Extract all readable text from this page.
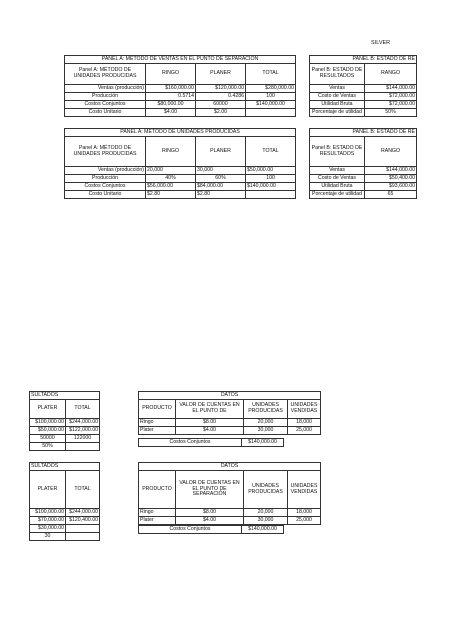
SILVER
PANEL A: MÉTODO DE VENTAS EN EL PUNTO DE SEPARACIÓN			
Panel A: MÉTODO DE UNIDADES PRODUCIDAS	RINGO	PLANER	TOTAL
Ventas (producción)	$160,000.00	$120,000.00	$280,000.00
Producción	0.5714	0.4286	100
Costos Conjuntos	$80,000.00	60000	$140,000.00
Costo Unitario	$4.00	$2.00	
PANEL B: ESTADO DE RE	
Panel B: ESTADO DE RESULTADOS	RANGO
Ventas	$144,000.00
Costo de Ventas	$72,000.00
Utilidad Bruta	$72,000.00
Porcentaje de utilidad	50%
PANEL A: MÉTODO DE UNIDADES PRODUCIDAS			
Panel A: MÉTODO DE UNIDADES PRODUCIDAS	RINGO	PLANER	TOTAL
Ventas (producción)	20,000	30,000	$50,000.00
Producción	40%	60%	100
Costos Conjuntos	$56,000.00	$84,000.00	$140,000.00
Costo Unitario	$2.80	$2.80	
PANEL B: ESTADO DE RE	
Panel B: ESTADO DE RESULTADOS	RANGO
Ventas	$144,000.00
Costo de Ventas	$50,400.00
Utilidad Bruta	$93,600.00
Porcentaje de utilidad	65
SULTADOS	
PLATER	TOTAL
$100,000.00	$244,000.00
$50,000.00	$122,000.00
50000	122000
50%	
DATOS			
PRODUCTO	VALOR DE CUENTAS EN EL PUNTO DE	UNIDADES PRODUCIDAS	UNIDADES VENDIDAS
Ringo	$8.00	20,000	18,000
Plater	$4.00	30,000	25,000
Costos Conjuntos	$140,000.00
SULTADOS	
PLATER	TOTAL
$100,000.00	$244,000.00
$70,000.00	$120,400.00
$30,000.00	
30	
DATOS			
PRODUCTO	VALOR DE CUENTAS EN EL PUNTO DE SEPARACIÓN	UNIDADES PRODUCIDAS	UNIDADES VENDIDAS
Ringo	$8.00	20,000	18,000
Plater	$4.00	30,000	25,000
Costos Conjuntos	$140,000.00
